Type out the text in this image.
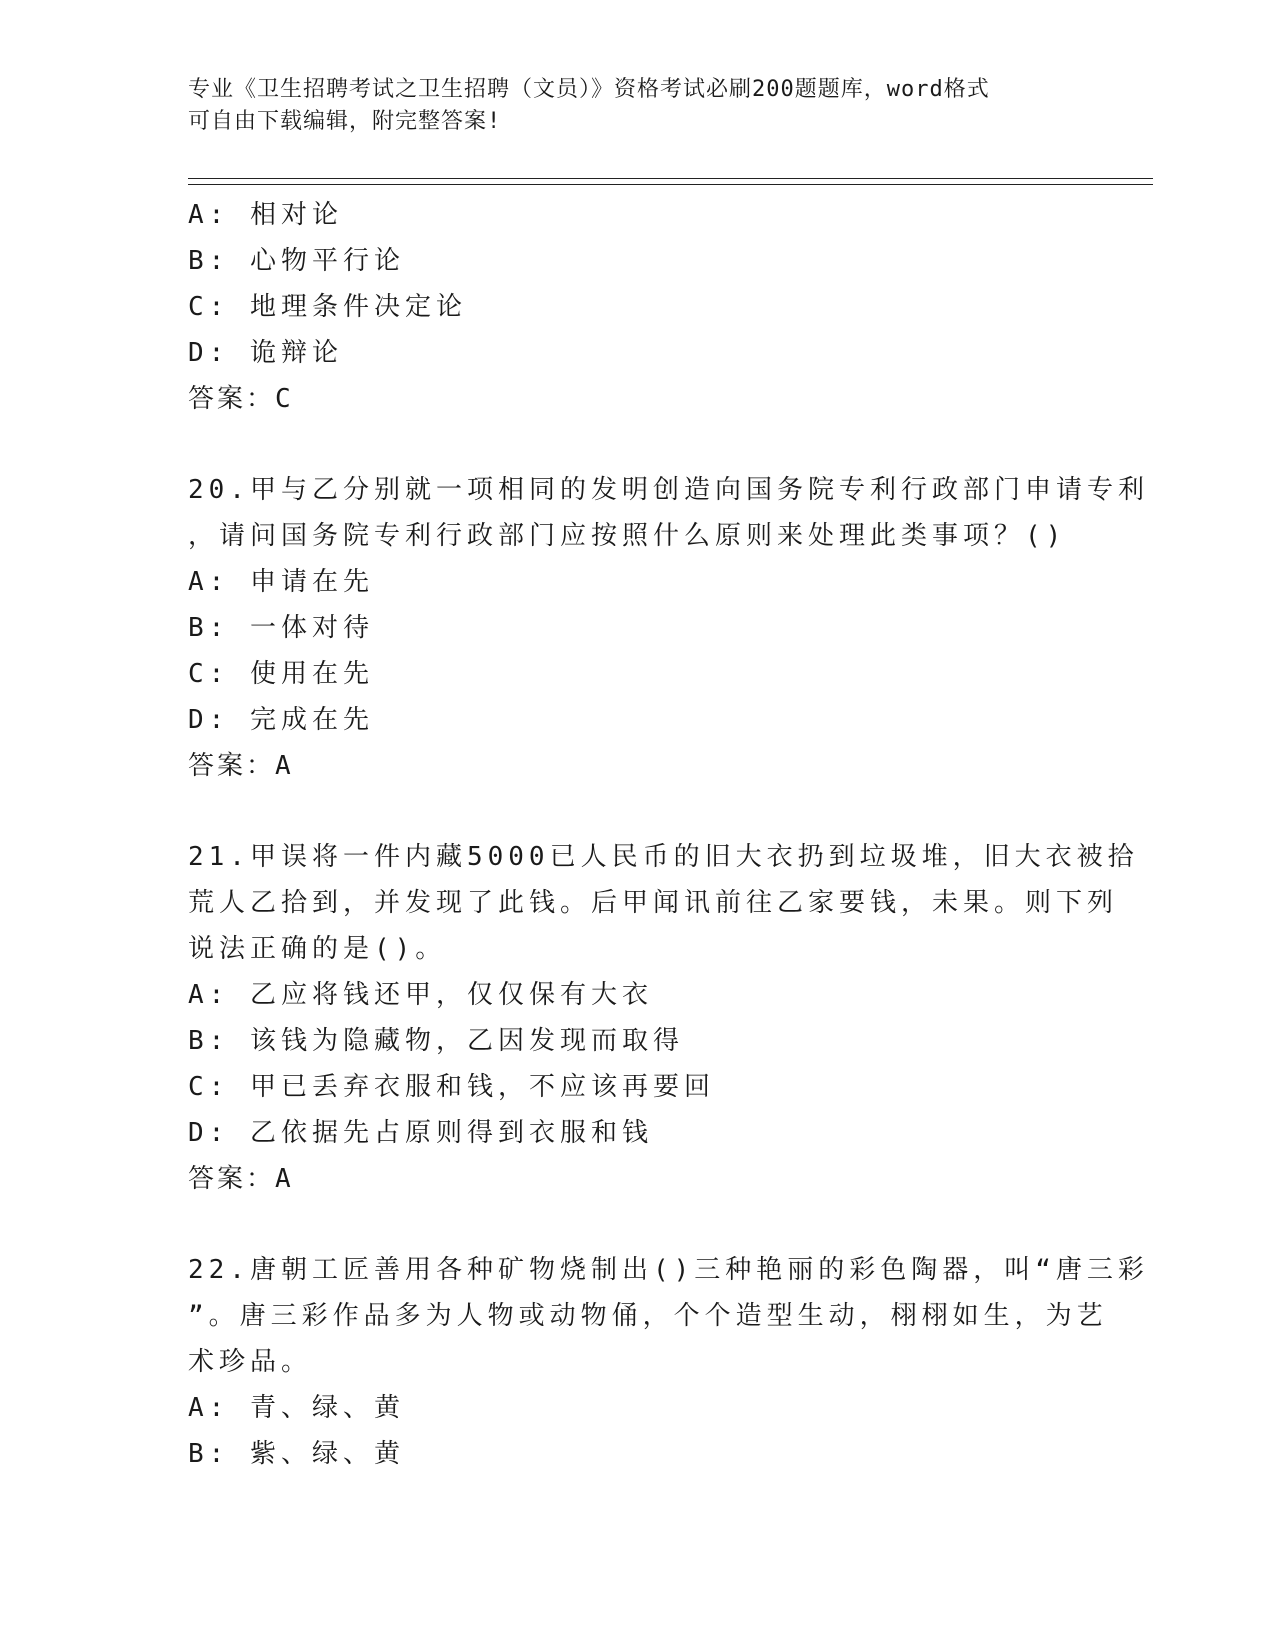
专业《卫生招聘考试之卫生招聘（文员）》资格考试必刷200题题库，word格式
可自由下载编辑，附完整答案!
A: 相对论
B: 心物平行论
C: 地理条件决定论
D: 诡辩论
答案：C
20.甲与乙分别就一项相同的发明创造向国务院专利行政部门申请专利
，请问国务院专利行政部门应按照什么原则来处理此类事项？()
A: 申请在先
B: 一体对待
C: 使用在先
D: 完成在先
答案：A
21.甲误将一件内藏5000已人民币的旧大衣扔到垃圾堆，旧大衣被拾
荒人乙拾到，并发现了此钱。后甲闻讯前往乙家要钱，未果。则下列
说法正确的是()。
A: 乙应将钱还甲，仅仅保有大衣
B: 该钱为隐藏物，乙因发现而取得
C: 甲已丢弃衣服和钱，不应该再要回
D: 乙依据先占原则得到衣服和钱
答案：A
22.唐朝工匠善用各种矿物烧制出()三种艳丽的彩色陶器，叫“唐三彩
”。唐三彩作品多为人物或动物俑，个个造型生动，栩栩如生，为艺
术珍品。
A: 青、绿、黄
B: 紫、绿、黄
